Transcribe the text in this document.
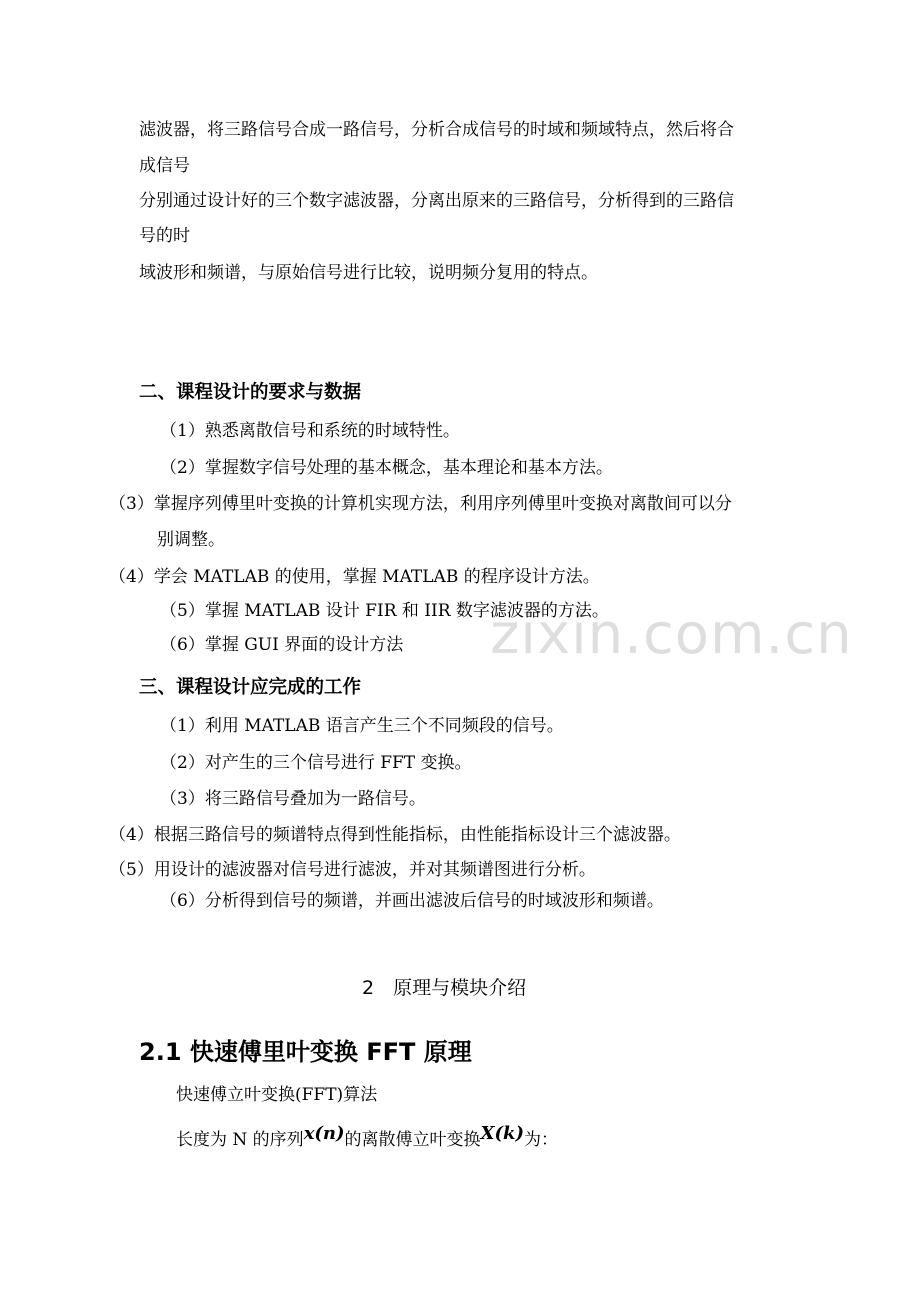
滤波器，将三路信号合成一路信号，分析合成信号的时域和频域特点，然后将合
成信号
分别通过设计好的三个数字滤波器，分离出原来的三路信号，分析得到的三路信
号的时
域波形和频谱，与原始信号进行比较，说明频分复用的特点。
二、课程设计的要求与数据
（1）熟悉离散信号和系统的时域特性。
（2）掌握数字信号处理的基本概念，基本理论和基本方法。
（3）掌握序列傅里叶变换的计算机实现方法，利用序列傅里叶变换对离散间可以分
别调整。
（4）学会 MATLAB 的使用，掌握 MATLAB 的程序设计方法。
（5）掌握 MATLAB 设计 FIR 和 IIR 数字滤波器的方法。
（6）掌握 GUI 界面的设计方法
三、课程设计应完成的工作
（1）利用 MATLAB 语言产生三个不同频段的信号。
（2）对产生的三个信号进行 FFT 变换。
（3）将三路信号叠加为一路信号。
（4）根据三路信号的频谱特点得到性能指标，由性能指标设计三个滤波器。
（5）用设计的滤波器对信号进行滤波，并对其频谱图进行分析。
（6）分析得到信号的频谱，并画出滤波后信号的时域波形和频谱。
2　原理与模块介绍
2.1 快速傅里叶变换 FFT 原理
快速傅立叶变换(FFT)算法
长度为 N 的序列x(n)的离散傅立叶变换X(k)为：
zixin.com.cn
